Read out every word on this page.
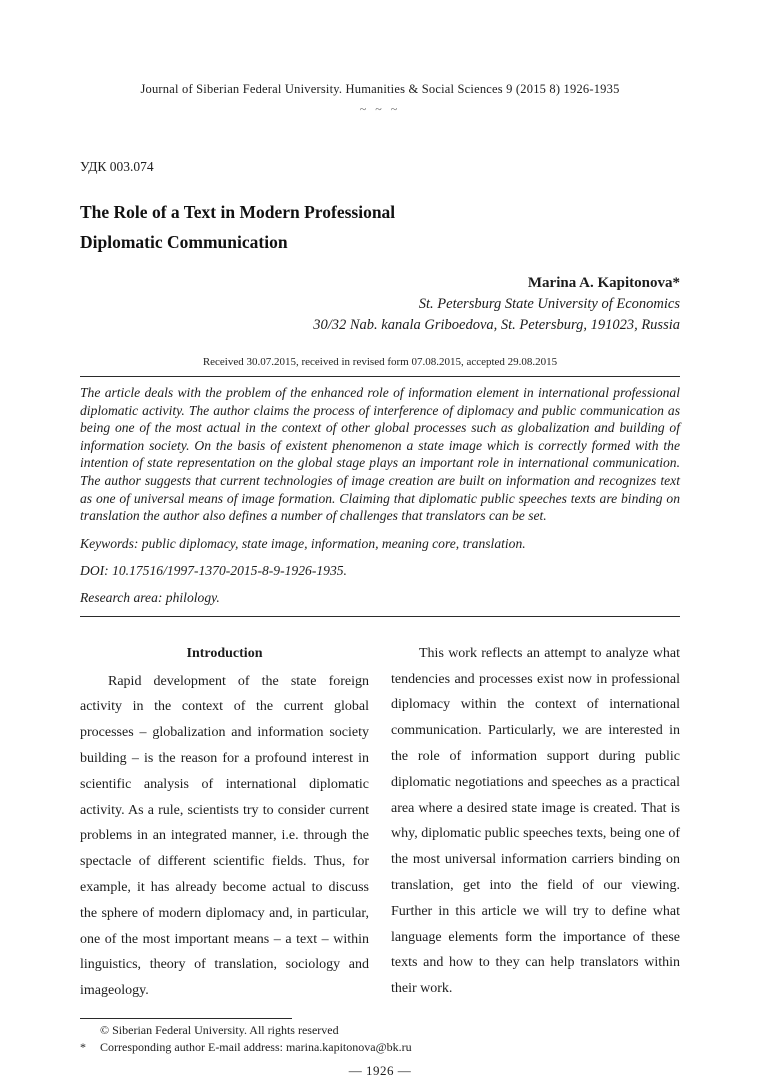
Journal of Siberian Federal University. Humanities & Social Sciences 9 (2015 8) 1926-1935
~ ~ ~
УДК 003.074
The Role of a Text in Modern Professional
Diplomatic Communication
Marina A. Kapitonova*
St. Petersburg State University of Economics
30/32 Nab. kanala Griboedova, St. Petersburg, 191023, Russia
Received 30.07.2015, received in revised form 07.08.2015, accepted 29.08.2015
The article deals with the problem of the enhanced role of information element in international professional diplomatic activity. The author claims the process of interference of diplomacy and public communication as being one of the most actual in the context of other global processes such as globalization and building of information society. On the basis of existent phenomenon a state image which is correctly formed with the intention of state representation on the global stage plays an important role in international communication. The author suggests that current technologies of image creation are built on information and recognizes text as one of universal means of image formation. Claiming that diplomatic public speeches texts are binding on translation the author also defines a number of challenges that translators can be set.
Keywords: public diplomacy, state image, information, meaning core, translation.
DOI: 10.17516/1997-1370-2015-8-9-1926-1935.
Research area: philology.
Introduction
Rapid development of the state foreign activity in the context of the current global processes – globalization and information society building – is the reason for a profound interest in scientific analysis of international diplomatic activity. As a rule, scientists try to consider current problems in an integrated manner, i.e. through the spectacle of different scientific fields. Thus, for example, it has already become actual to discuss the sphere of modern diplomacy and, in particular, one of the most important means – a text – within linguistics, theory of translation, sociology and imageology.
This work reflects an attempt to analyze what tendencies and processes exist now in professional diplomacy within the context of international communication. Particularly, we are interested in the role of information support during public diplomatic negotiations and speeches as a practical area where a desired state image is created. That is why, diplomatic public speeches texts, being one of the most universal information carriers binding on translation, get into the field of our viewing. Further in this article we will try to define what language elements form the importance of these texts and how to they can help translators within their work.
© Siberian Federal University. All rights reserved
*	Corresponding author E-mail address: marina.kapitonova@bk.ru
— 1926 —
